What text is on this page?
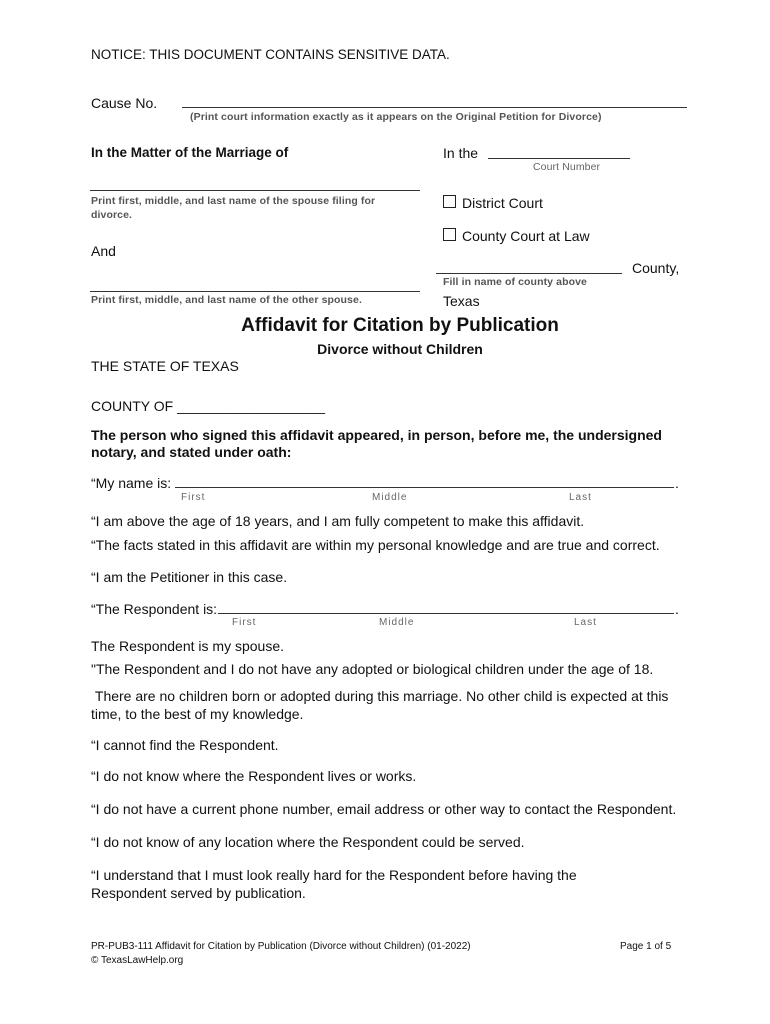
NOTICE: THIS DOCUMENT CONTAINS SENSITIVE DATA.
Cause No.
(Print court information exactly as it appears on the Original Petition for Divorce)
In the Matter of the Marriage of
Print first, middle, and last name of the spouse filing for divorce.
And
Print first, middle, and last name of the other spouse.
In the
Court Number
District Court
County Court at Law
County,
Fill in name of county above
Texas
Affidavit for Citation by Publication
Divorce without Children
THE STATE OF TEXAS
COUNTY OF ___________________
The person who signed this affidavit appeared, in person, before me, the undersigned notary, and stated under oath:
“My name is:	.
First	Middle	Last
“I am above the age of 18 years, and I am fully competent to make this affidavit.
“The facts stated in this affidavit are within my personal knowledge and are true and correct.
“I am the Petitioner in this case.
“The Respondent is:	.
First	Middle	Last
The Respondent is my spouse.
"The Respondent and I do not have any adopted or biological children under the age of 18.
There are no children born or adopted during this marriage. No other child is expected at this time, to the best of my knowledge.
“I cannot find the Respondent.
“I do not know where the Respondent lives or works.
“I do not have a current phone number, email address or other way to contact the Respondent.
“I do not know of any location where the Respondent could be served.
“I understand that I must look really hard for the Respondent before having the Respondent served by publication.
PR-PUB3-111 Affidavit for Citation by Publication (Divorce without Children) (01-2022)
© TexasLawHelp.org
Page 1 of 5
